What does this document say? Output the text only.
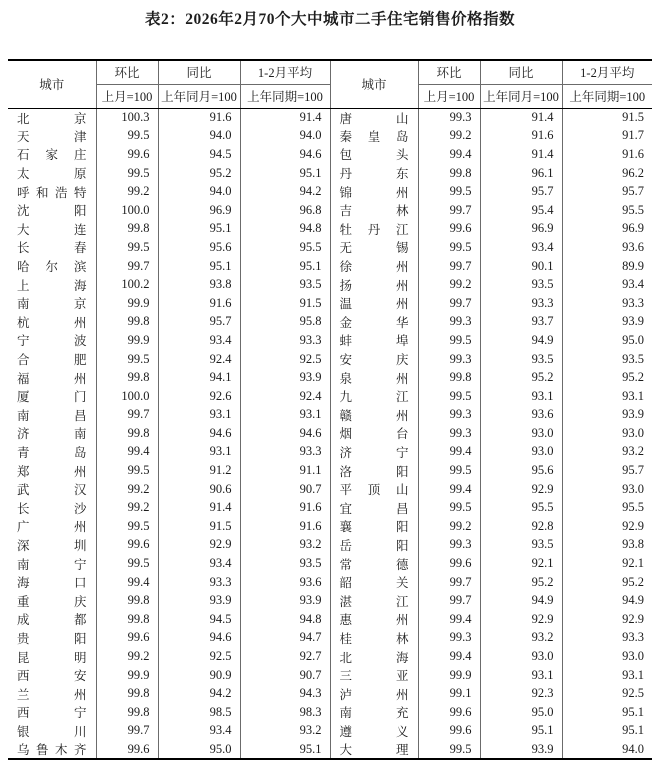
表2：2026年2月70个大中城市二手住宅销售价格指数
城市	环比	同比	1-2月平均	城市	环比	同比	1-2月平均
	上月=100	上年同月=100	上年同期=100		上月=100	上年同月=100	上年同期=100

北 京	100.3	91.6	91.4	唐 山	99.3	91.4	91.5

天 津	99.5	94.0	94.0	秦 皇 岛	99.2	91.6	91.7

石 家 庄	99.6	94.5	94.6	包 头	99.4	91.4	91.6

太 原	99.5	95.2	95.1	丹 东	99.8	96.1	96.2

呼 和 浩 特	99.2	94.0	94.2	锦 州	99.5	95.7	95.7

沈 阳	100.0	96.9	96.8	吉 林	99.7	95.4	95.5

大 连	99.8	95.1	94.8	牡 丹 江	99.6	96.9	96.9

长 春	99.5	95.6	95.5	无 锡	99.5	93.4	93.6

哈 尔 滨	99.7	95.1	95.1	徐 州	99.7	90.1	89.9

上 海	100.2	93.8	93.5	扬 州	99.2	93.5	93.4

南 京	99.9	91.6	91.5	温 州	99.7	93.3	93.3

杭 州	99.8	95.7	95.8	金 华	99.3	93.7	93.9

宁 波	99.9	93.4	93.3	蚌 埠	99.5	94.9	95.0

合 肥	99.5	92.4	92.5	安 庆	99.3	93.5	93.5

福 州	99.8	94.1	93.9	泉 州	99.8	95.2	95.2

厦 门	100.0	92.6	92.4	九 江	99.5	93.1	93.1

南 昌	99.7	93.1	93.1	赣 州	99.3	93.6	93.9

济 南	99.8	94.6	94.6	烟 台	99.3	93.0	93.0

青 岛	99.4	93.1	93.3	济 宁	99.4	93.0	93.2

郑 州	99.5	91.2	91.1	洛 阳	99.5	95.6	95.7

武 汉	99.2	90.6	90.7	平 顶 山	99.4	92.9	93.0

长 沙	99.2	91.4	91.6	宜 昌	99.5	95.5	95.5

广 州	99.5	91.5	91.6	襄 阳	99.2	92.8	92.9

深 圳	99.6	92.9	93.2	岳 阳	99.3	93.5	93.8

南 宁	99.5	93.4	93.5	常 德	99.6	92.1	92.1

海 口	99.4	93.3	93.6	韶 关	99.7	95.2	95.2

重 庆	99.8	93.9	93.9	湛 江	99.7	94.9	94.9

成 都	99.8	94.5	94.8	惠 州	99.4	92.9	92.9

贵 阳	99.6	94.6	94.7	桂 林	99.3	93.2	93.3

昆 明	99.2	92.5	92.7	北 海	99.4	93.0	93.0

西 安	99.9	90.9	90.7	三 亚	99.9	93.1	93.1

兰 州	99.8	94.2	94.3	泸 州	99.1	92.3	92.5

西 宁	99.8	98.5	98.3	南 充	99.6	95.0	95.1

银 川	99.7	93.4	93.2	遵 义	99.6	95.1	95.1

乌 鲁 木 齐	99.6	95.0	95.1	大 理	99.5	93.9	94.0
